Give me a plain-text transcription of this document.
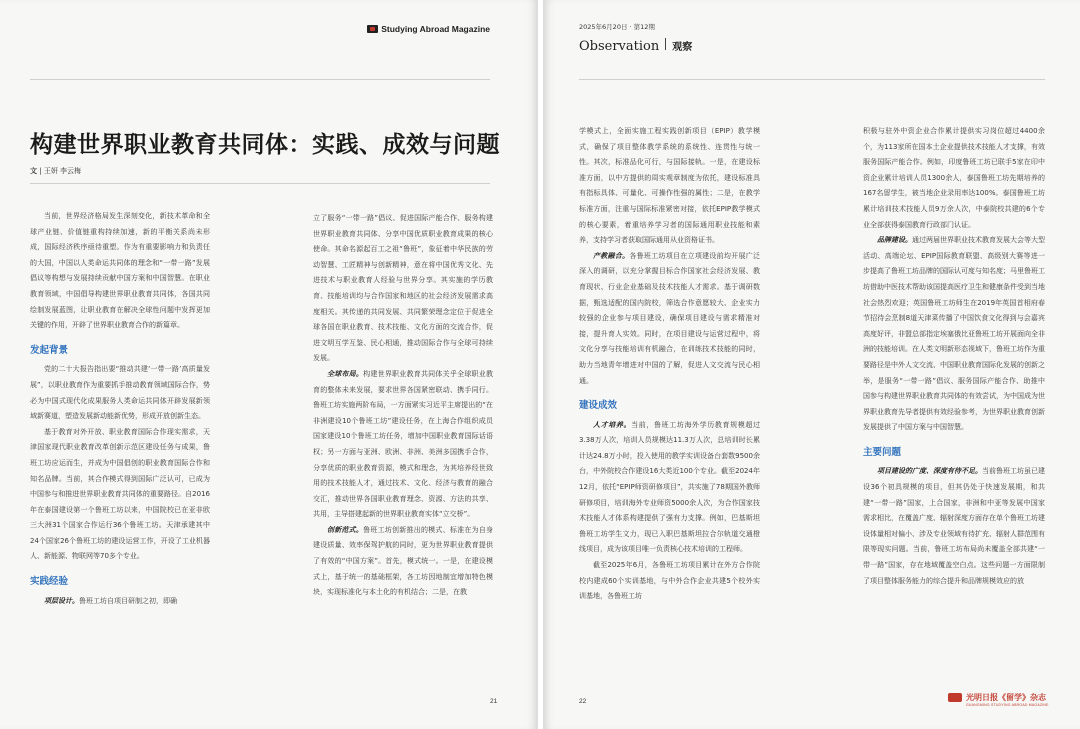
Studying Abroad Magazine
构建世界职业教育共同体：实践、成效与问题
文 | 王妍 李云梅

当前，世界经济格局发生深刻变化，新技术革命和全球产业链、价值链重构持续加速，新的平衡关系尚未形成，国际经济秩序亟待重塑。作为有重要影响力和负责任的大国，中国以人类命运共同体的理念和“一带一路”发展倡议等构想与发展持续贡献中国方案和中国智慧。在职业教育领域，中国倡导构建世界职业教育共同体，各国共同绘制发展蓝图，让职业教育在解决全球性问题中发挥更加关键的作用，开辟了世界职业教育合作的新篇章。

发起背景

党的二十大报告指出要“推动共建‘一带一路’高质量发展”，以职业教育作为重要抓手推动教育领域国际合作，势必为中国式现代化成果服务人类命运共同体开辟发展新领域新赛道，塑造发展新动能新优势，形成开放创新生态。

基于教育对外开放、职业教育国际合作现实需求，天津国家现代职业教育改革创新示范区建设任务与成果，鲁班工坊应运而生，并成为中国倡创的职业教育国际合作和知名品牌。当前，其合作模式得到国际广泛认可，已成为中国参与和推进世界职业教育共同体的重要路径。自2016年在泰国建设第一个鲁班工坊以来，中国院校已在亚非欧三大洲31个国家合作运行36个鲁班工坊。天津承建其中24个国家26个鲁班工坊的建设运营工作，开设了工业机器人、新能源、物联网等70多个专业。

实践经验

项层设计。鲁班工坊自项目研制之初，即确

立了服务“一带一路”倡议、促进国际产能合作、服务构建世界职业教育共同体、分享中国优质职业教育成果的核心使命。其命名源起百工之祖“鲁班”，象征着中华民族的劳动智慧、工匠精神与创新精神，意在将中国优秀文化、先进技术与职业教育人经验与世界分享。其实施的学历教育、技能培训均与合作国家和地区的社会经济发展需求高度相关。其传递的共同发展、共同繁荣理念定位于促进全球各国在职业教育、技术技能、文化方面的交流合作，促进文明互学互鉴、民心相通，推动国际合作与全球可持续发展。

全球布局。构建世界职业教育共同体关乎全球职业教育的整体未来发展，要求世界各国紧密联动、携手同行。鲁班工坊实施两阶布局，一方面紧实习近平主席提出的“在非洲建设10个鲁班工坊”建设任务，在上海合作组织成员国家建设10个鲁班工坊任务，增加中国职业教育国际话语权；另一方面与亚洲、欧洲、非洲、美洲多国携手合作，分享优质的职业教育资源，模式和理念，为其培养经世致用的技术技能人才，通过技术、文化、经济与教育的融合交汇，推动世界各国职业教育理念、资源、方法的共享、共用，主导搭建起新的世界职业教育实体“立交桥”。

创新范式。鲁班工坊创新推出的模式、标准在为自身建设质量、效率保驾护航的同时，更为世界职业教育提供了有效的“中国方案”。首先，模式统一。一是，在建设模式上，基于统一的基础框架，各工坊因地制宜增加特色模块，实现标准化与本土化的有机结合；二是，在教

21
2025年6月20日 · 第12期
Observation 观察

学模式上，全面实施工程实践创新项目（EPIP）教学模式，确保了项目整体教学系统的系统性、连贯性与统一性。其次，标准品化可行，与国际接轨。一是，在建设标准方面，以中方提供的周实观章制度为依托，建设标准具有指标具体、可量化、可操作性强的属性；二是，在教学标准方面，注重与国际标准紧密对接，依托EPIP教学模式的核心要素，着重培养学习者的国际通用职业技能和素养，支持学习者获取国际通用从业资格证书。

产教融合。各鲁班工坊项目在立项建设前均开展广泛深入的调研，以充分掌握目标合作国家社会经济发展、教育现状、行业企业基础及技术技能人才需求。基于调研数据，甄选适配的国内院校，筛选合作意愿较大、企业实力较强的企业参与项目建设，确保项目建设与需求精准对接，提升育人实效。同时，在项目建设与运营过程中，将文化分享与技能培训有机融合，在训练技术技能的同时，助力当地青年增进对中国的了解，促进人文交流与民心相通。

建设成效

人才培养。当前，鲁班工坊海外学历教育规模超过3.38万人次，培训人员规模达11.3万人次，总培训时长累计达24.8万小时，投入使用的教学实训设备台套数9500余台，中外院校合作建设16大类近100个专业。截至2024年12月，依托“EPIP师资研修项目”，共实施了78期国外教师研修项目，培训海外专业师资5000余人次，为合作国家技术技能人才体系构建提供了强有力支撑。例如，巴基斯坦鲁班工坊学生文力，现已入职巴基斯坦拉合尔轨道交通橙线项目，成为该项目唯一负责核心技术培训的工程师。

截至2025年6月，各鲁班工坊项目累计在外方合作院校内建成60个实训基地，与中外合作企业共建5个校外实训基地，各鲁班工坊

积极与驻外中资企业合作累计提供实习岗位超过4400余个，为113家所在国本土企业提供技术技能人才支撑，有效服务国际产能合作。例如，印度鲁班工坊已联手5家在印中资企业累计培训人员1300余人，泰国鲁班工坊先期培养的167名留学生，被当地企业录用率达100%。泰国鲁班工坊累计培训技术技能人员9万余人次，中泰院校共建的6个专业全部获得泰国教育行政部门认证。

品牌建设。通过两届世界职业技术教育发展大会等大型活动、高端论坛、EPIP国际教育联盟、高级别大赛等进一步提高了鲁班工坊品牌的国际认可度与知名度；马里鲁班工坊借助中医技术帮助该国提高医疗卫生和健康条件受到当地社会热烈欢迎；英国鲁班工坊师生在2019年英国首相府春节招待会烹制8道天津菜传播了中国饮食文化得到与会嘉宾高度好评，非盟总部指定埃塞俄比亚鲁班工坊开展面向全非洲的技能培训。在人类文明新形态视域下，鲁班工坊作为重要路径是中外人文交流、中国职业教育国际化发展的创新之举，是服务“一带一路”倡议、服务国际产能合作、助推中国参与构建世界职业教育共同体的有效尝试，为中国成为世界职业教育先导者提供有效经验参考，为世界职业教育创新发展提供了中国方案与中国智慧。

主要问题

项目建设的广度、深度有待不足。当前鲁班工坊虽已建设36个初具规模的项目，但其仍处于快速发展期，和共建“一带一路”国家，上合国家，非洲和中亚等发展中国家需求相比，在覆盖广度、辐射深度方面存在单个鲁班工坊建设体量相对偏小、涉及专业领域有待扩充、辐射人群范围有限等现实问题。当前，鲁班工坊布局尚未覆盖全部共建“一带一路”国家，存在地域覆盖空白点。这些问题一方面限制了项目整体服务能力的综合提升和品牌规模效应的放

22	光明日报《留学》杂志
GUANGMING STUDYING ABROAD MAGAZINE
